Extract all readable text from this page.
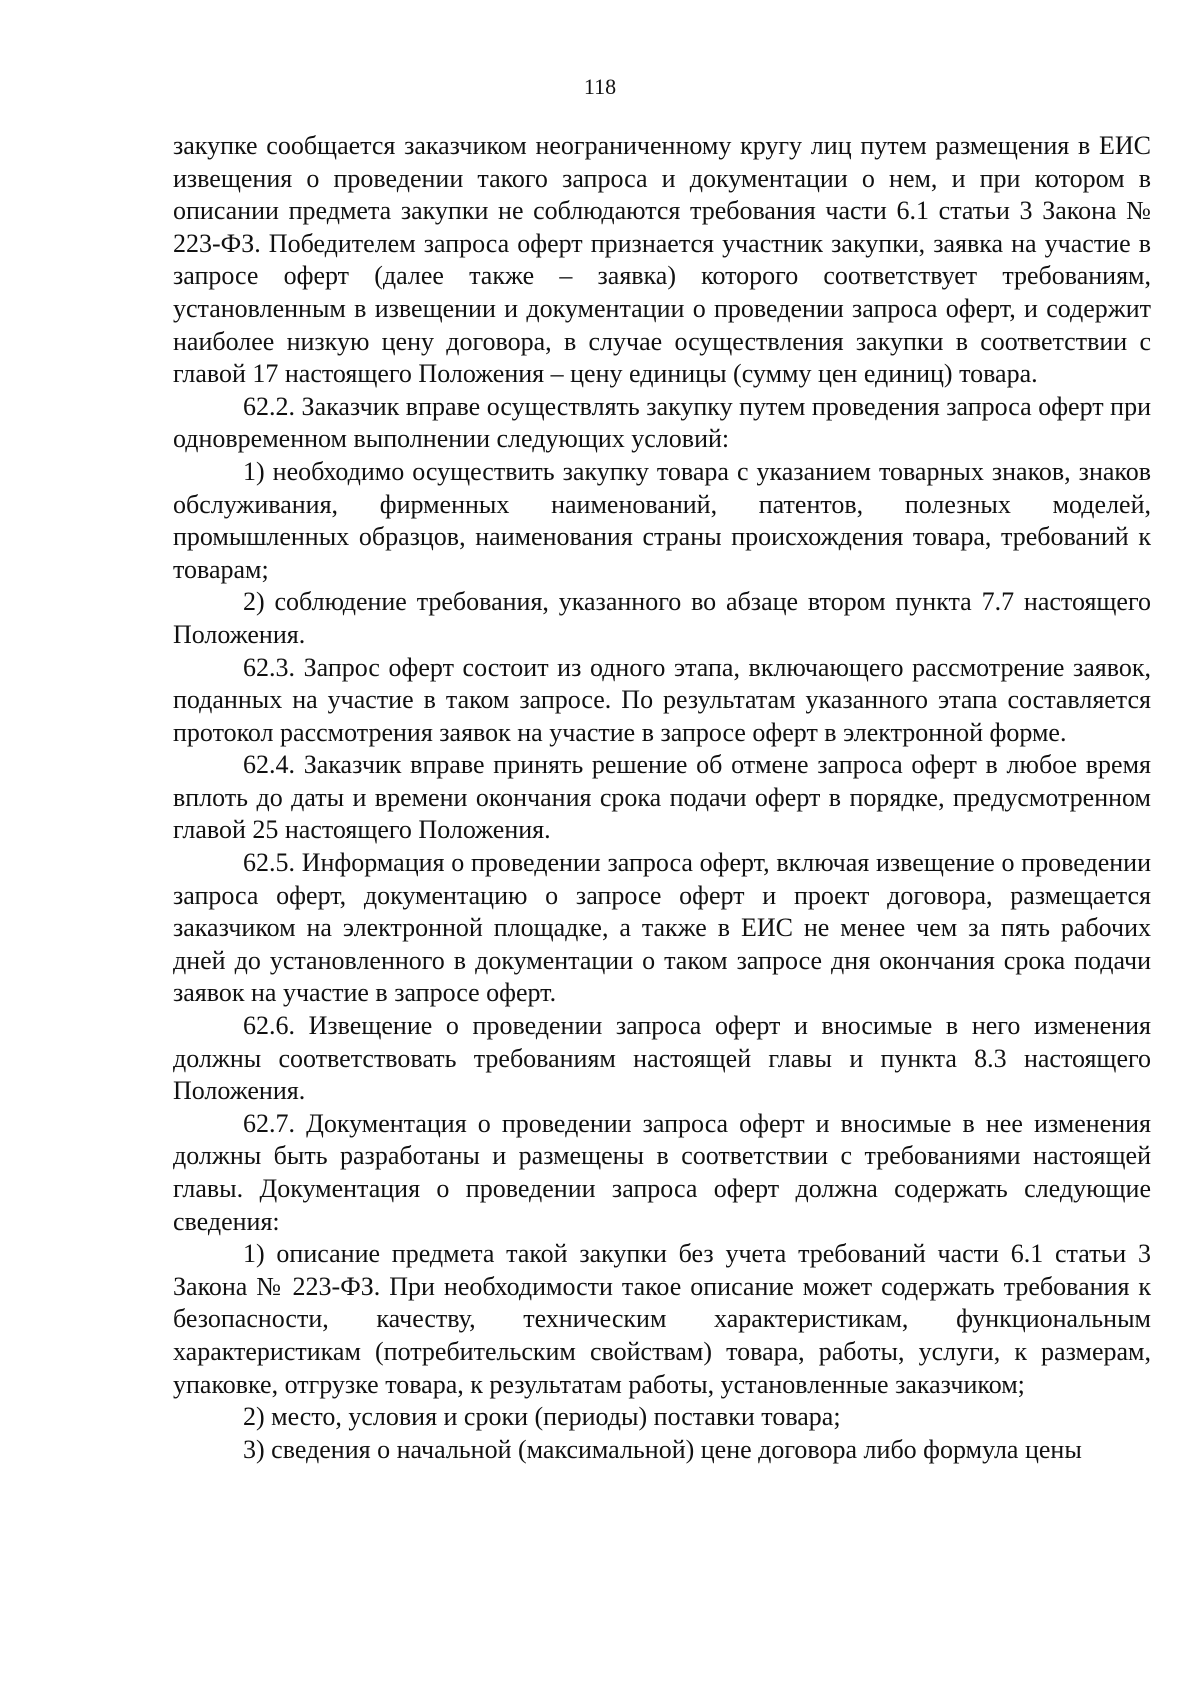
118

закупке сообщается заказчиком неограниченному кругу лиц путем размещения в ЕИС извещения о проведении такого запроса и документации о нем, и при котором в описании предмета закупки не соблюдаются требования части 6.1 статьи 3 Закона № 223-ФЗ. Победителем запроса оферт признается участник закупки, заявка на участие в запросе оферт (далее также – заявка) которого соответствует требованиям, установленным в извещении и документации о проведении запроса оферт, и содержит наиболее низкую цену договора, в случае осуществления закупки в соответствии с главой 17 настоящего Положения – цену единицы (сумму цен единиц) товара.

62.2. Заказчик вправе осуществлять закупку путем проведения запроса оферт при одновременном выполнении следующих условий:

1) необходимо осуществить закупку товара с указанием товарных знаков, знаков обслуживания, фирменных наименований, патентов, полезных моделей, промышленных образцов, наименования страны происхождения товара, требований к товарам;

2) соблюдение требования, указанного во абзаце втором пункта 7.7 настоящего Положения.

62.3. Запрос оферт состоит из одного этапа, включающего рассмотрение заявок, поданных на участие в таком запросе. По результатам указанного этапа составляется протокол рассмотрения заявок на участие в запросе оферт в электронной форме.

62.4. Заказчик вправе принять решение об отмене запроса оферт в любое время вплоть до даты и времени окончания срока подачи оферт в порядке, предусмотренном главой 25 настоящего Положения.

62.5. Информация о проведении запроса оферт, включая извещение о проведении запроса оферт, документацию о запросе оферт и проект договора, размещается заказчиком на электронной площадке, а также в ЕИС не менее чем за пять рабочих дней до установленного в документации о таком запросе дня окончания срока подачи заявок на участие в запросе оферт.

62.6. Извещение о проведении запроса оферт и вносимые в него изменения должны соответствовать требованиям настоящей главы и пункта 8.3 настоящего Положения.

62.7. Документация о проведении запроса оферт и вносимые в нее изменения должны быть разработаны и размещены в соответствии с требованиями настоящей главы. Документация о проведении запроса оферт должна содержать следующие сведения:

1) описание предмета такой закупки без учета требований части 6.1 статьи 3 Закона № 223-ФЗ. При необходимости такое описание может содержать требования к безопасности, качеству, техническим характеристикам, функциональным характеристикам (потребительским свойствам) товара, работы, услуги, к размерам, упаковке, отгрузке товара, к результатам работы, установленные заказчиком;

2) место, условия и сроки (периоды) поставки товара;

3) сведения о начальной (максимальной) цене договора либо формула цены
